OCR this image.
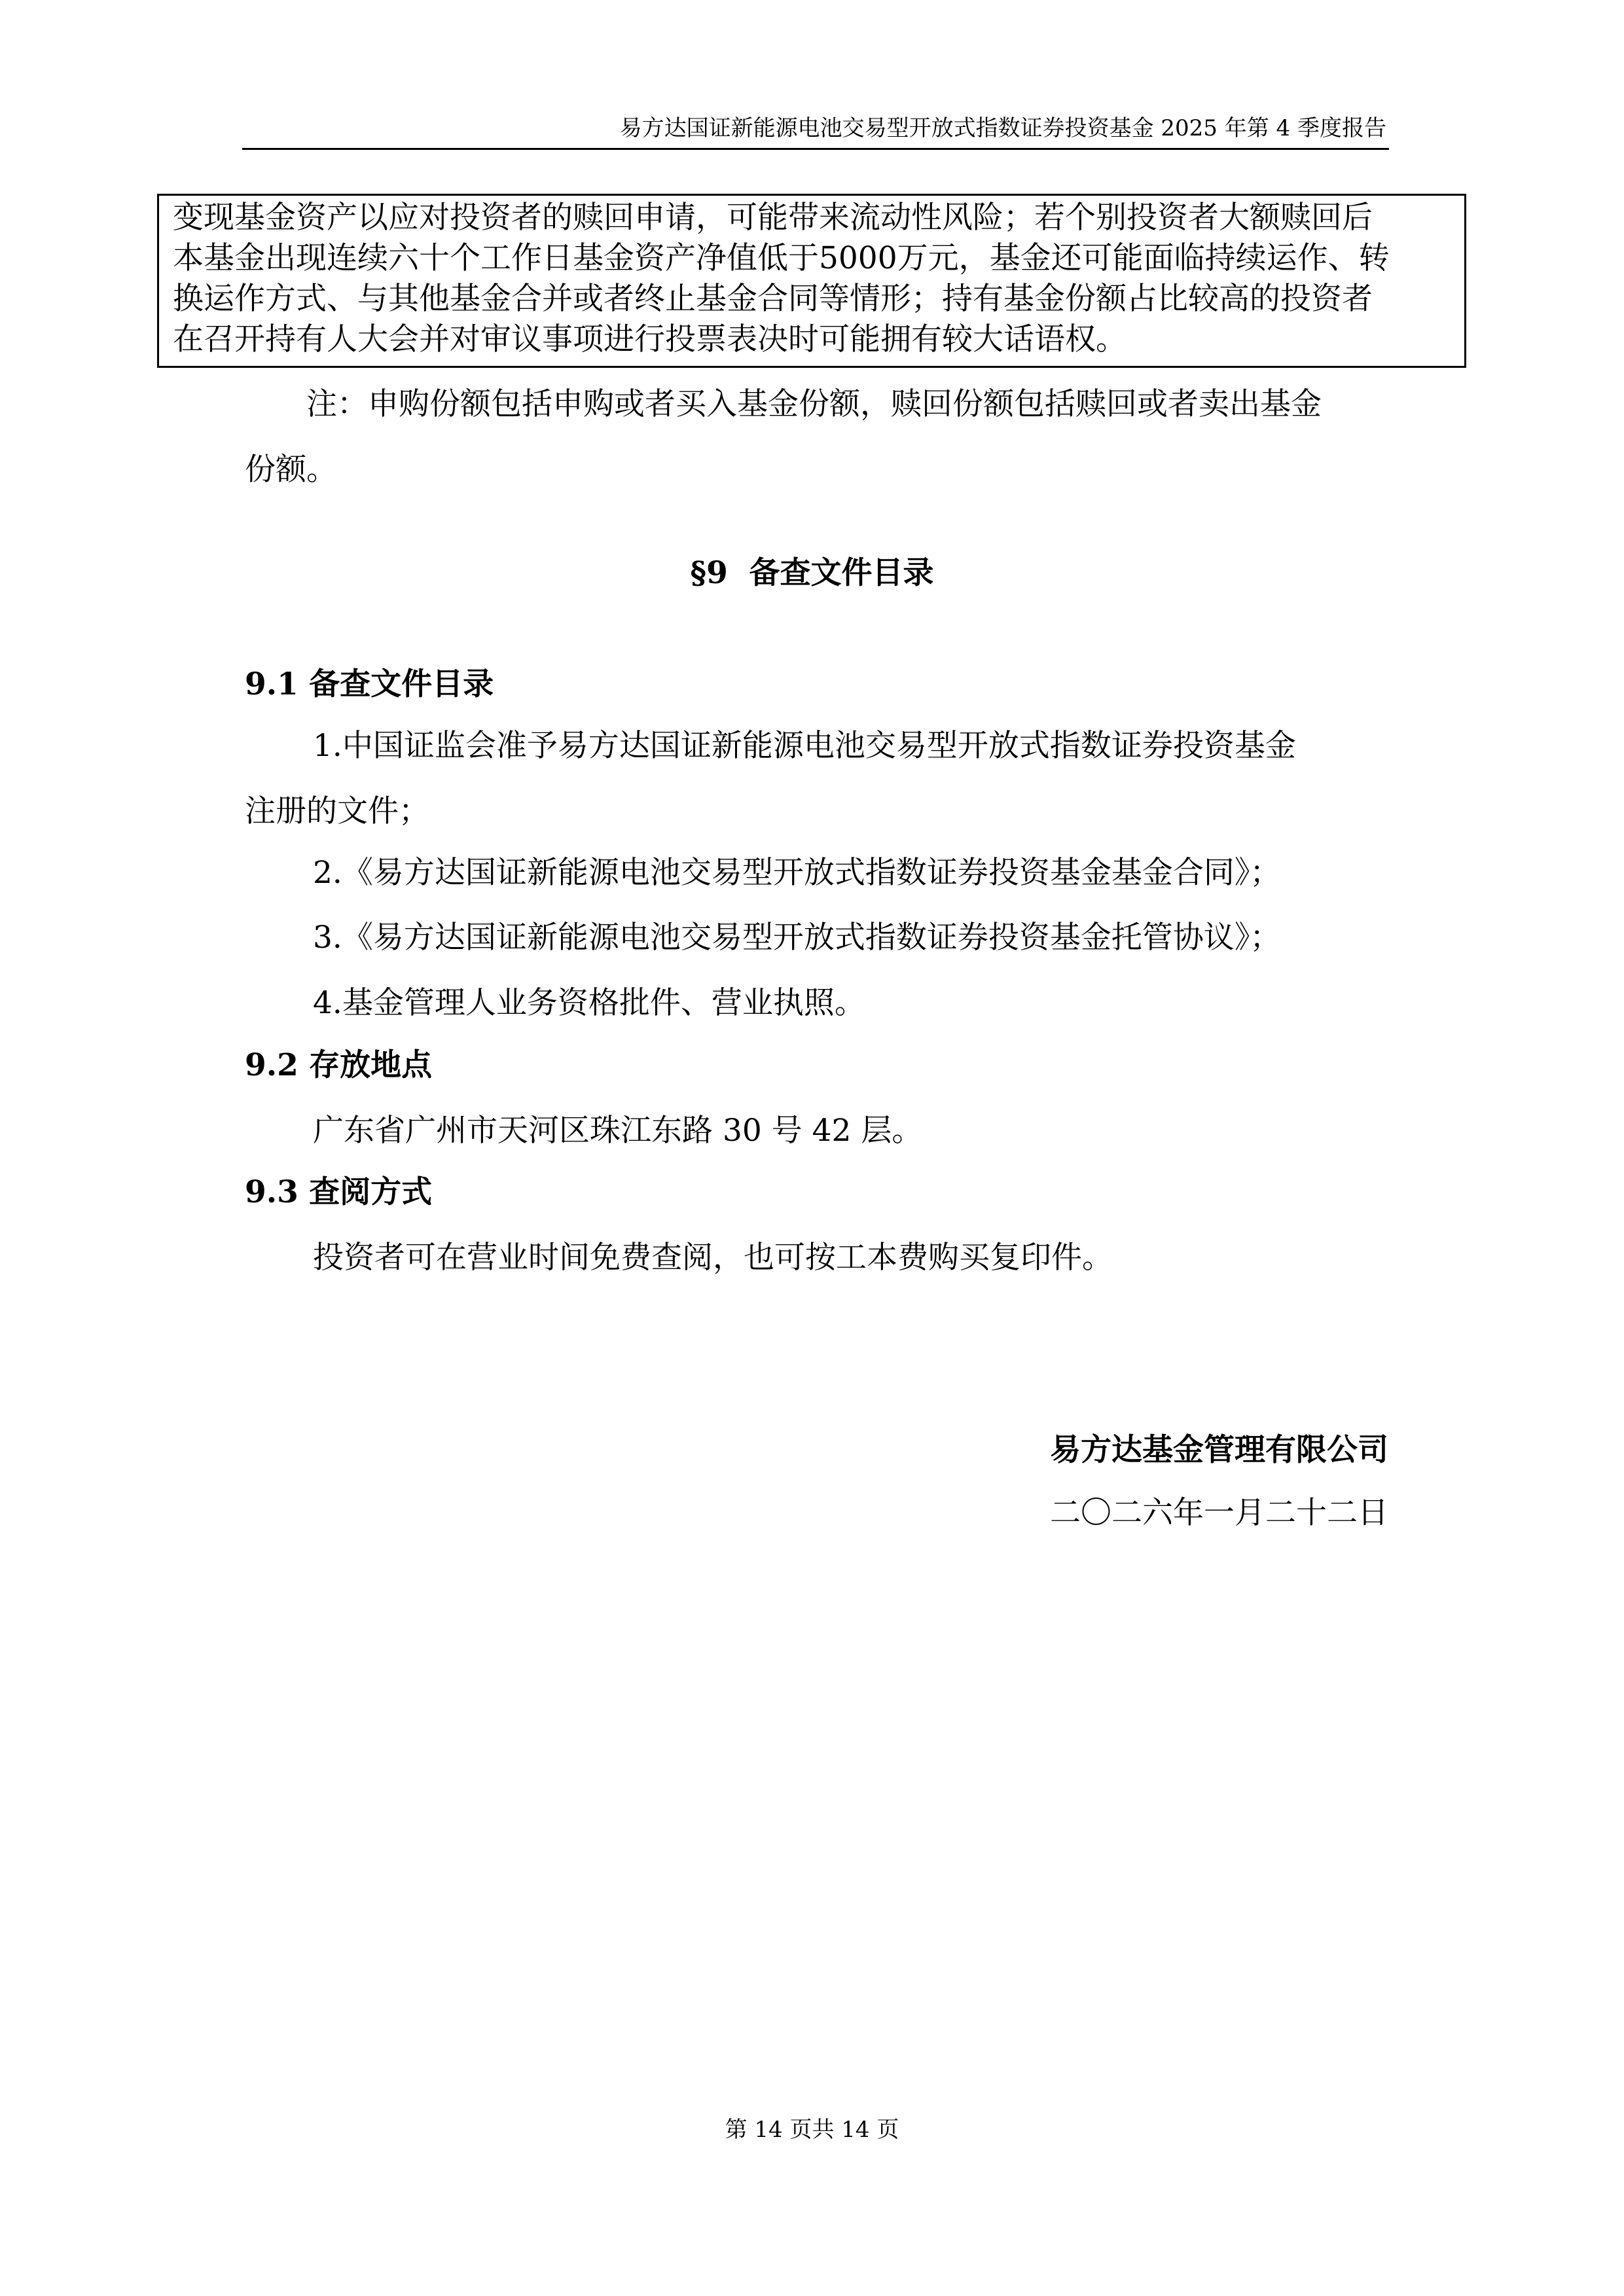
易方达国证新能源电池交易型开放式指数证券投资基金 2025 年第 4 季度报告
变现基金资产以应对投资者的赎回申请，可能带来流动性风险；若个别投资者大额赎回后
本基金出现连续六十个工作日基金资产净值低于5000万元，基金还可能面临持续运作、转
换运作方式、与其他基金合并或者终止基金合同等情形；持有基金份额占比较高的投资者
在召开持有人大会并对审议事项进行投票表决时可能拥有较大话语权。
注：申购份额包括申购或者买入基金份额，赎回份额包括赎回或者卖出基金
份额。
§9  备查文件目录
9.1 备查文件目录
1.中国证监会准予易方达国证新能源电池交易型开放式指数证券投资基金
注册的文件；
2.《易方达国证新能源电池交易型开放式指数证券投资基金基金合同》；
3.《易方达国证新能源电池交易型开放式指数证券投资基金托管协议》；
4.基金管理人业务资格批件、营业执照。
9.2 存放地点
广东省广州市天河区珠江东路 30 号 42 层。
9.3 查阅方式
投资者可在营业时间免费查阅，也可按工本费购买复印件。
易方达基金管理有限公司
二〇二六年一月二十二日
第 14 页共 14 页
